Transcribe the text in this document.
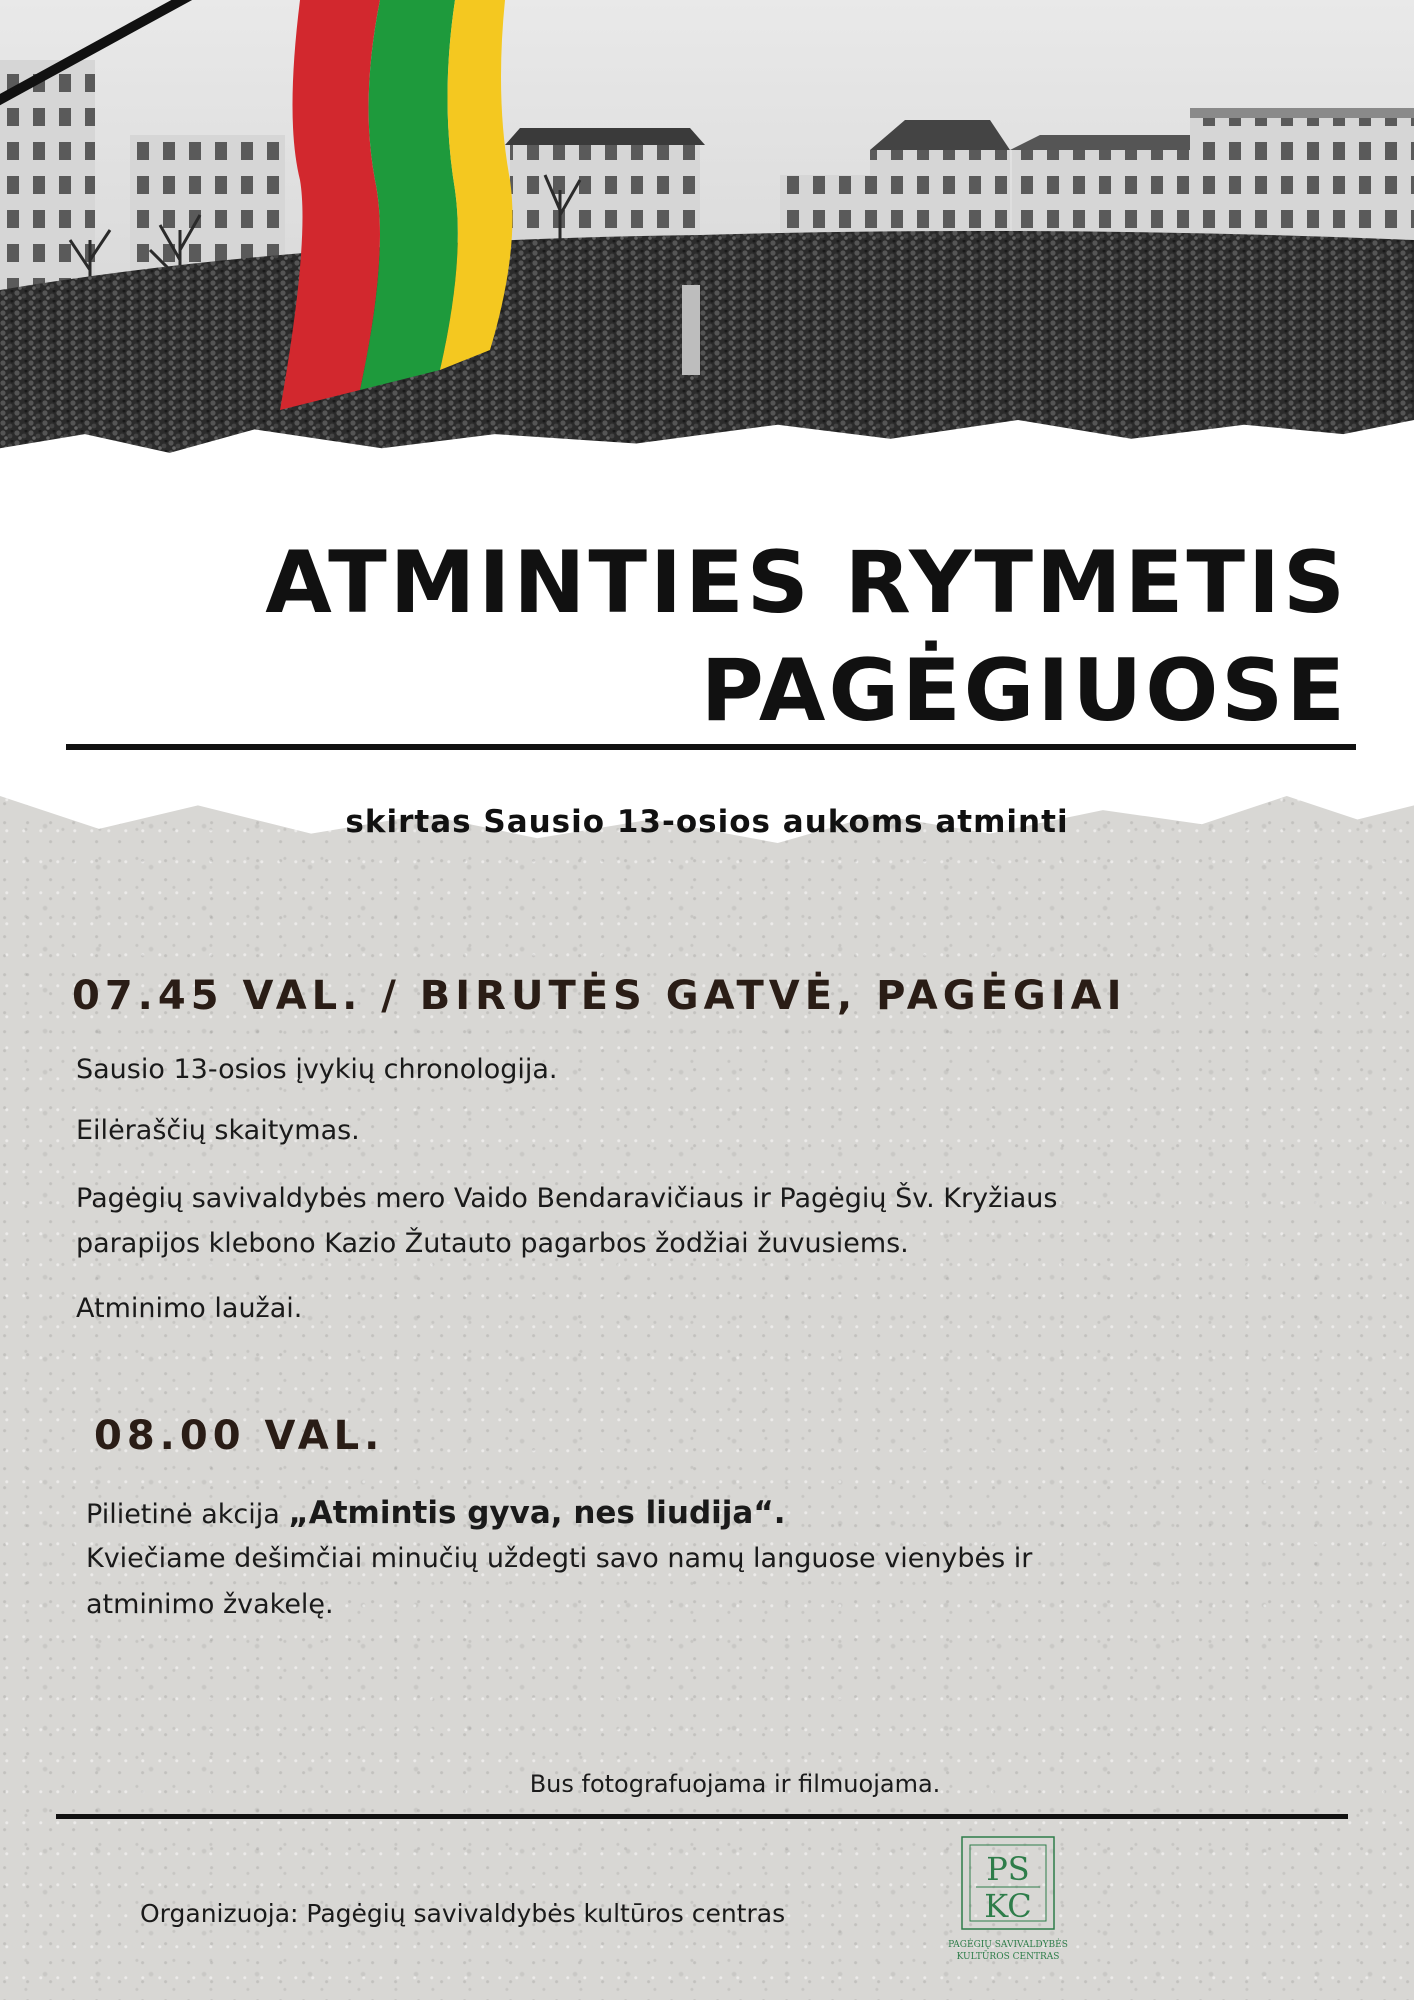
ATMINTIES RYTMETIS
PAGĖGIUOSE
skirtas Sausio 13-osios aukoms atminti
07.45 VAL. / BIRUTĖS GATVĖ, PAGĖGIAI
Sausio 13-osios įvykių chronologija.
Eilėraščių skaitymas.
Pagėgių savivaldybės mero Vaido Bendaravičiaus ir Pagėgių Šv. Kryžiaus
parapijos klebono Kazio Žutauto pagarbos žodžiai žuvusiems.
Atminimo laužai.
08.00 VAL.
Pilietinė akcija „Atmintis gyva, nes liudija“.
Kviečiame dešimčiai minučių uždegti savo namų languose vienybės ir
atminimo žvakelę.
Bus fotografuojama ir filmuojama.
Organizuoja: Pagėgių savivaldybės kultūros centras
PS
KC
PAGĖGIŲ SAVIVALDYBĖS
KULTŪROS CENTRAS
